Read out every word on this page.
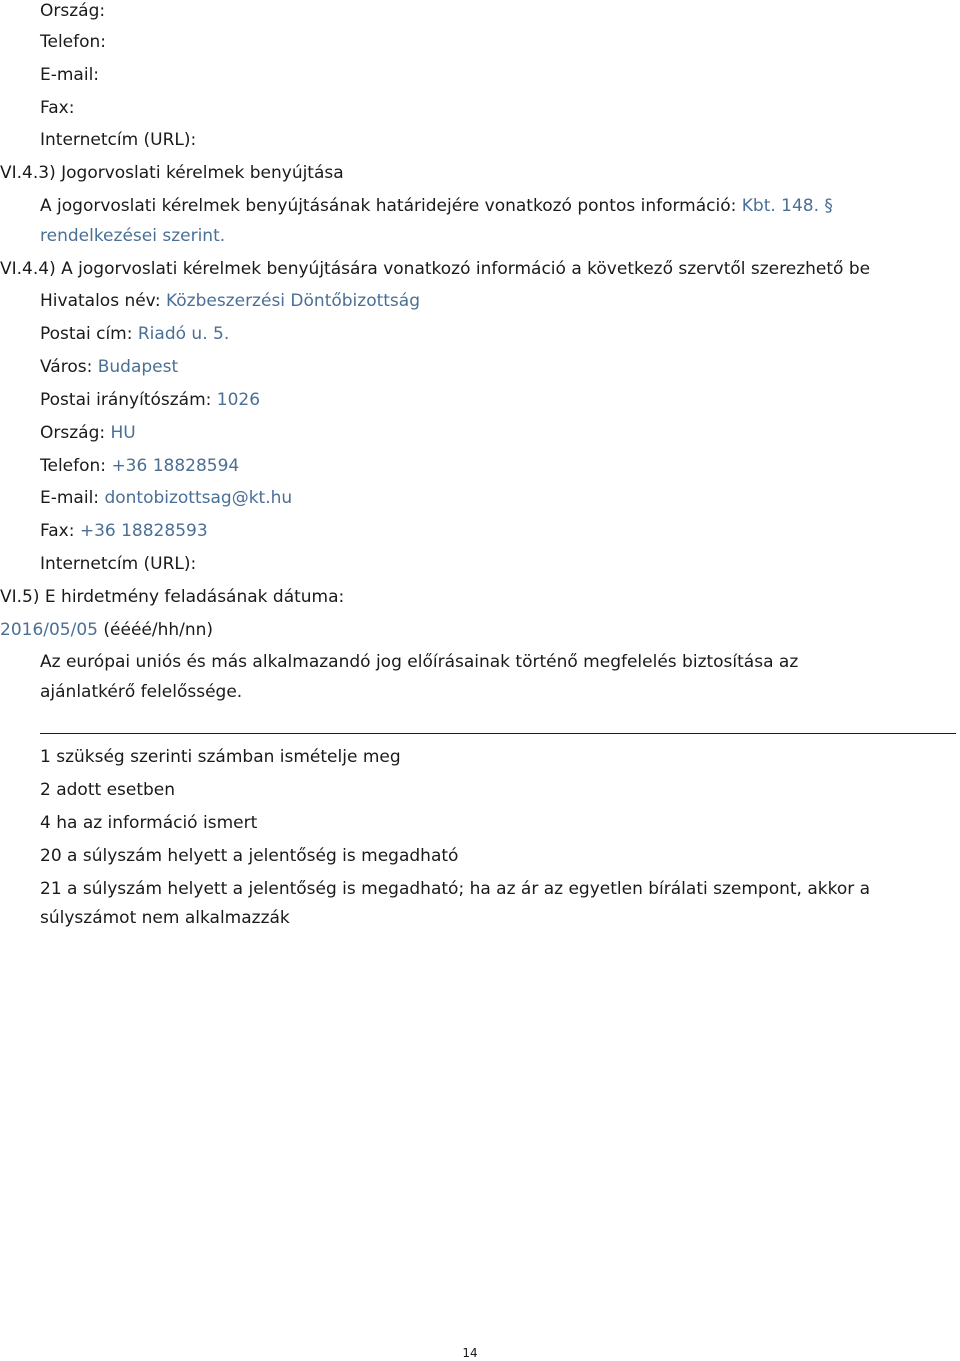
Ország:
Telefon:
E-mail:
Fax:
Internetcím (URL):
VI.4.3) Jogorvoslati kérelmek benyújtása
A jogorvoslati kérelmek benyújtásának határidejére vonatkozó pontos információ: Kbt. 148. §
rendelkezései szerint.
VI.4.4) A jogorvoslati kérelmek benyújtására vonatkozó információ a következő szervtől szerezhető be
Hivatalos név: Közbeszerzési Döntőbizottság
Postai cím: Riadó u. 5.
Város: Budapest
Postai irányítószám: 1026
Ország: HU
Telefon: +36 18828594
E-mail: dontobizottsag@kt.hu
Fax: +36 18828593
Internetcím (URL):
VI.5) E hirdetmény feladásának dátuma:
2016/05/05 (éééé/hh/nn)
Az európai uniós és más alkalmazandó jog előírásainak történő megfelelés biztosítása az
ajánlatkérő felelőssége.
1 szükség szerinti számban ismételje meg
2 adott esetben
4 ha az információ ismert
20 a súlyszám helyett a jelentőség is megadható
21 a súlyszám helyett a jelentőség is megadható; ha az ár az egyetlen bírálati szempont, akkor a
súlyszámot nem alkalmazzák
14
